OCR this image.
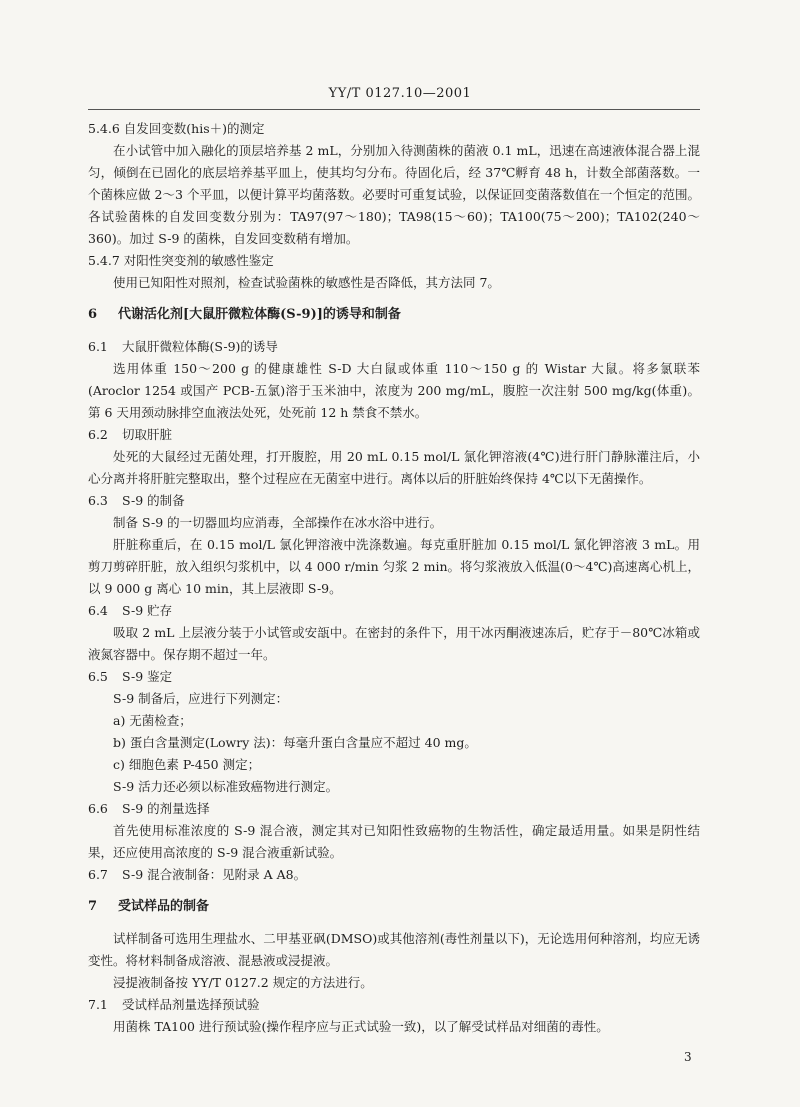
YY/T 0127.10—2001

5.4.6 自发回变数(his＋)的测定

在小试管中加入融化的顶层培养基 2 mL，分别加入待测菌株的菌液 0.1 mL，迅速在高速液体混合器上混匀，倾倒在已固化的底层培养基平皿上，使其均匀分布。待固化后，经 37℃孵育 48 h，计数全部菌落数。一个菌株应做 2～3 个平皿，以便计算平均菌落数。必要时可重复试验，以保证回变菌落数值在一个恒定的范围。各试验菌株的自发回变数分别为：TA97(97～180)；TA98(15～60)；TA100(75～200)；TA102(240～360)。加过 S-9 的菌株，自发回变数稍有增加。

5.4.7 对阳性突变剂的敏感性鉴定

使用已知阳性对照剂，检查试验菌株的敏感性是否降低，其方法同 7。

6 代谢活化剂[大鼠肝微粒体酶(S-9)]的诱导和制备

6.1 大鼠肝微粒体酶(S-9)的诱导

选用体重 150～200 g 的健康雄性 S-D 大白鼠或体重 110～150 g 的 Wistar 大鼠。将多氯联苯(Aroclor 1254 或国产 PCB-五氯)溶于玉米油中，浓度为 200 mg/mL，腹腔一次注射 500 mg/kg(体重)。第 6 天用颈动脉排空血液法处死，处死前 12 h 禁食不禁水。

6.2 切取肝脏

处死的大鼠经过无菌处理，打开腹腔，用 20 mL 0.15 mol/L 氯化钾溶液(4℃)进行肝门静脉灌注后，小心分离并将肝脏完整取出，整个过程应在无菌室中进行。离体以后的肝脏始终保持 4℃以下无菌操作。

6.3 S-9 的制备

制备 S-9 的一切器皿均应消毒，全部操作在冰水浴中进行。

肝脏称重后，在 0.15 mol/L 氯化钾溶液中洗涤数遍。每克重肝脏加 0.15 mol/L 氯化钾溶液 3 mL。用剪刀剪碎肝脏，放入组织匀浆机中，以 4 000 r/min 匀浆 2 min。将匀浆液放入低温(0～4℃)高速离心机上，以 9 000 g 离心 10 min，其上层液即 S-9。

6.4 S-9 贮存

吸取 2 mL 上层液分装于小试管或安瓿中。在密封的条件下，用干冰丙酮液速冻后，贮存于－80℃冰箱或液氮容器中。保存期不超过一年。

6.5 S-9 鉴定

S-9 制备后，应进行下列测定：

a) 无菌检查；

b) 蛋白含量测定(Lowry 法)：每毫升蛋白含量应不超过 40 mg。

c) 细胞色素 P-450 测定；

S-9 活力还必须以标准致癌物进行测定。

6.6 S-9 的剂量选择

首先使用标准浓度的 S-9 混合液，测定其对已知阳性致癌物的生物活性，确定最适用量。如果是阴性结果，还应使用高浓度的 S-9 混合液重新试验。

6.7 S-9 混合液制备：见附录 A A8。

7 受试样品的制备

试样制备可选用生理盐水、二甲基亚砜(DMSO)或其他溶剂(毒性剂量以下)，无论选用何种溶剂，均应无诱变性。将材料制备成溶液、混悬液或浸提液。

浸提液制备按 YY/T 0127.2 规定的方法进行。

7.1 受试样品剂量选择预试验

用菌株 TA100 进行预试验(操作程序应与正式试验一致)，以了解受试样品对细菌的毒性。

3
